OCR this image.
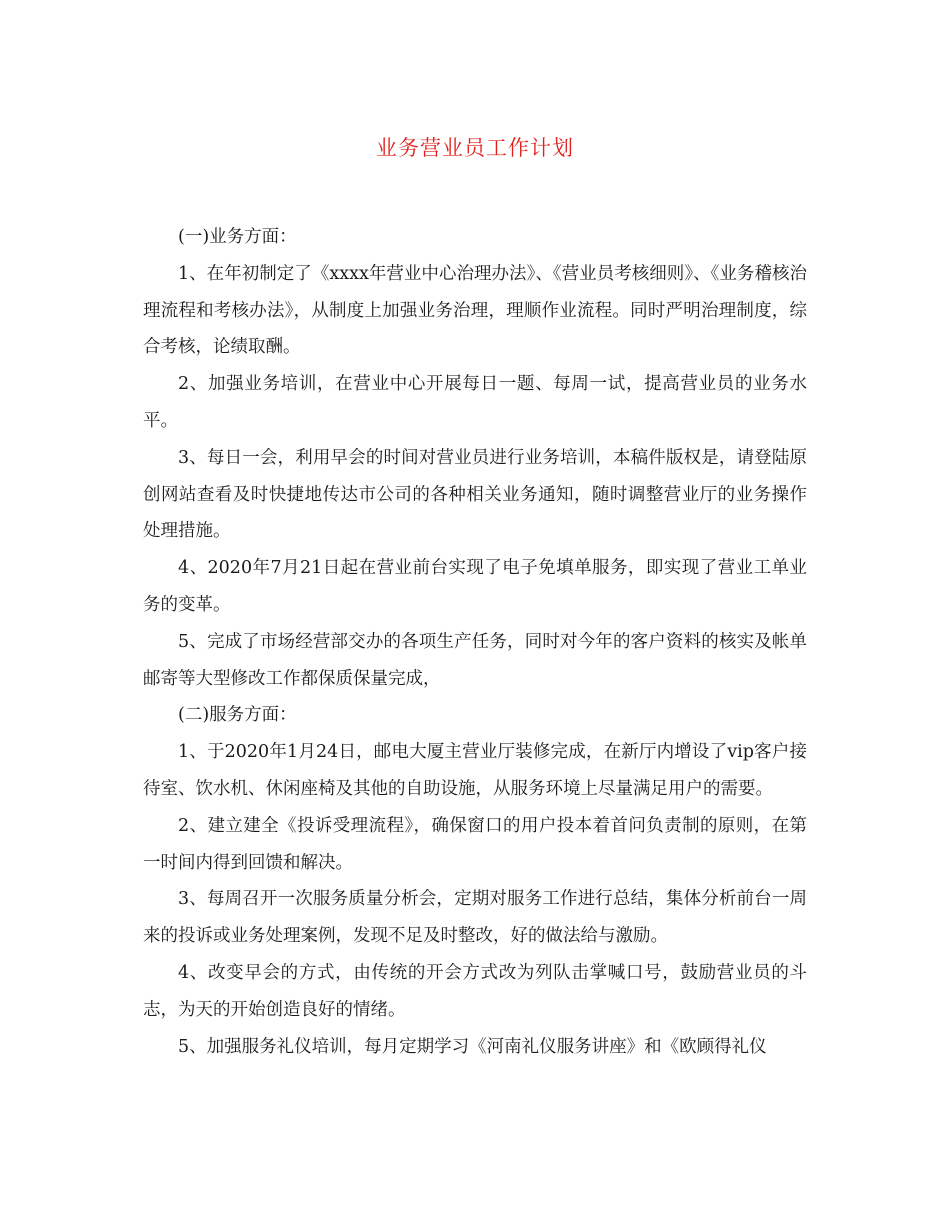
业务营业员工作计划

(一)业务方面：

1、在年初制定了《xxxx年营业中心治理办法》、《营业员考核细则》、《业务稽核治理流程和考核办法》，从制度上加强业务治理，理顺作业流程。同时严明治理制度，综合考核，论绩取酬。

2、加强业务培训，在营业中心开展每日一题、每周一试，提高营业员的业务水平。

3、每日一会，利用早会的时间对营业员进行业务培训，本稿件版权是，请登陆原创网站查看及时快捷地传达市公司的各种相关业务通知，随时调整营业厅的业务操作处理措施。

4、2020年7月21日起在营业前台实现了电子免填单服务，即实现了营业工单业务的变革。

5、完成了市场经营部交办的各项生产任务，同时对今年的客户资料的核实及帐单邮寄等大型修改工作都保质保量完成，

(二)服务方面：

1、于2020年1月24日，邮电大厦主营业厅装修完成，在新厅内增设了vip客户接待室、饮水机、休闲座椅及其他的自助设施，从服务环境上尽量满足用户的需要。

2、建立建全《投诉受理流程》，确保窗口的用户投本着首问负责制的原则，在第一时间内得到回馈和解决。

3、每周召开一次服务质量分析会，定期对服务工作进行总结，集体分析前台一周来的投诉或业务处理案例，发现不足及时整改，好的做法给与激励。

4、改变早会的方式，由传统的开会方式改为列队击掌喊口号，鼓励营业员的斗志，为天的开始创造良好的情绪。

5、加强服务礼仪培训，每月定期学习《河南礼仪服务讲座》和《欧顾得礼仪
